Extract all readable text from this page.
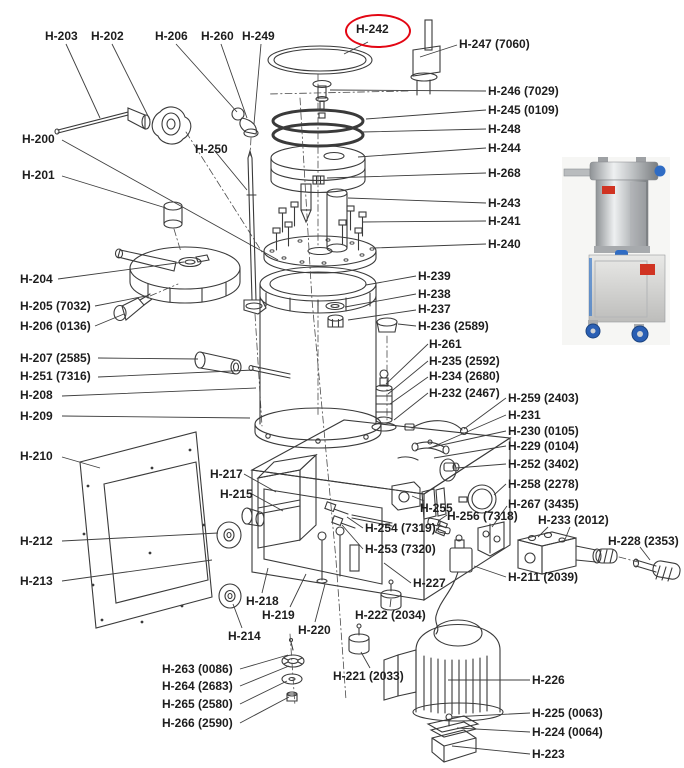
H-203 H-202	H-206 H-260 H-249	H-242
H-247 (7060)
H-246 (7029)
H-245 (0109)
H-248
H-244
H-268
H-243
H-241
H-240
H-200
H-201
H-250
H-204
H-205 (7032)
H-206 (0136)
H-207 (2585)
H-251 (7316)
H-208
H-209
H-210
H-239
H-238
H-237
H-236 (2589)
H-261
H-235 (2592)
H-234 (2680)
H-232 (2467) H-259 (2403)
H-231
H-230 (0105)
H-229 (0104)
H-252 (3402)
H-258 (2278)
H-267 (3435)
H-233 (2012)
H-228 (2353)
H-255
H-256 (7318)
H-211 (2039)
H-217
H-215
H-254 (7319)
H-253 (7320)
H-227
H-212
H-213
H-218
H-219
H-220
H-214
H-222 (2034)
H-221 (2033)
H-263 (0086)
H-264 (2683)
H-265 (2580)
H-266 (2590)
H-226
H-225 (0063)
H-224 (0064)
H-223
